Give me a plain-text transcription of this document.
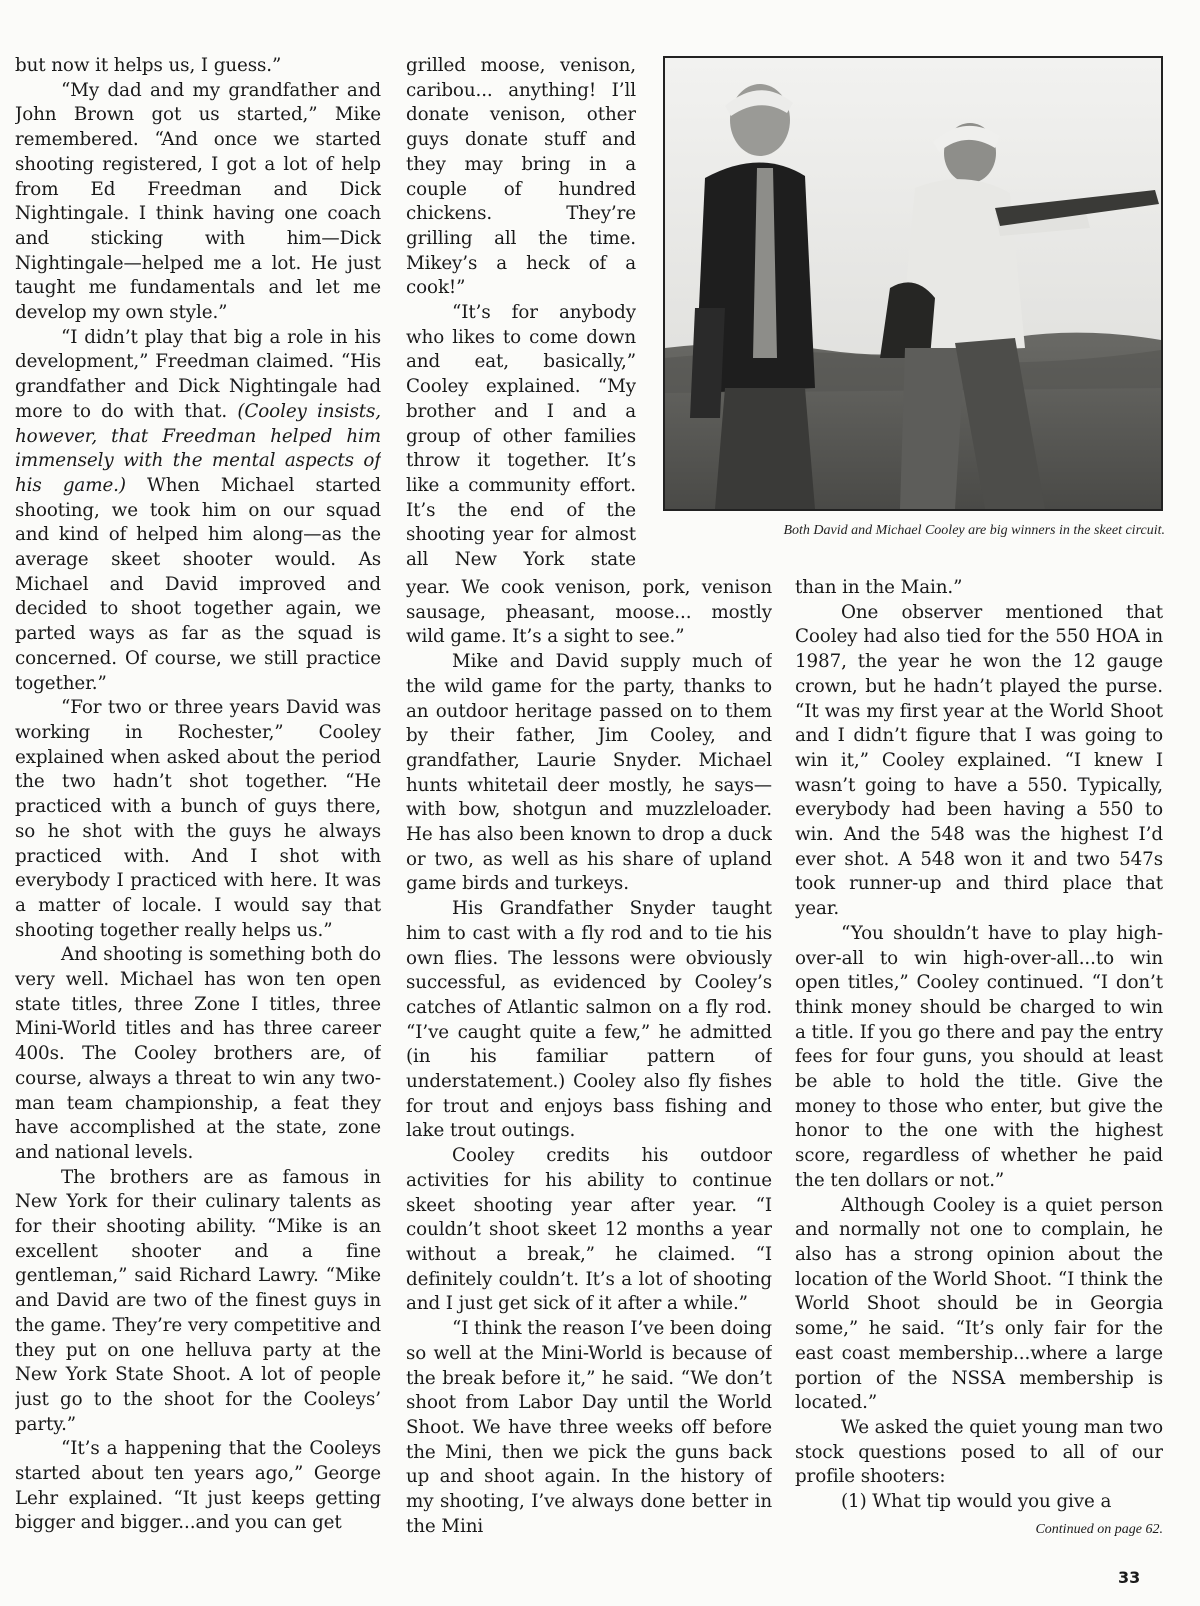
but now it helps us, I guess.”

“My dad and my grandfather and John Brown got us started,” Mike remembered. “And once we started shooting registered, I got a lot of help from Ed Freedman and Dick Nightingale. I think having one coach and sticking with him—Dick Nightingale—helped me a lot. He just taught me fundamentals and let me develop my own style.”

“I didn’t play that big a role in his development,” Freedman claimed. “His grandfather and Dick Nightingale had more to do with that. (Cooley insists, however, that Freedman helped him immensely with the mental aspects of his game.) When Michael started shooting, we took him on our squad and kind of helped him along—as the average skeet shooter would. As Michael and David improved and decided to shoot together again, we parted ways as far as the squad is concerned. Of course, we still practice together.”

“For two or three years David was working in Rochester,” Cooley explained when asked about the period the two hadn’t shot together. “He practiced with a bunch of guys there, so he shot with the guys he always practiced with. And I shot with everybody I practiced with here. It was a matter of locale. I would say that shooting together really helps us.”

And shooting is something both do very well. Michael has won ten open state titles, three Zone I titles, three Mini-World titles and has three career 400s. The Cooley brothers are, of course, always a threat to win any two-man team championship, a feat they have accomplished at the state, zone and national levels.

The brothers are as famous in New York for their culinary talents as for their shooting ability. “Mike is an excellent shooter and a fine gentleman,” said Richard Lawry. “Mike and David are two of the finest guys in the game. They’re very competitive and they put on one helluva party at the New York State Shoot. A lot of people just go to the shoot for the Cooleys’ party.”

“It’s a happening that the Cooleys started about ten years ago,” George Lehr explained. “It just keeps getting bigger and bigger...and you can get

grilled moose, venison, caribou... anything! I’ll donate venison, other guys donate stuff and they may bring in a couple of hundred chickens. They’re grilling all the time. Mikey’s a heck of a cook!”

“It’s for anybody who likes to come down and eat, basically,” Cooley explained. “My brother and I and a group of other families throw it together. It’s like a community effort. It’s the end of the shooting year for almost all New York state

year. We cook venison, pork, venison sausage, pheasant, moose... mostly wild game. It’s a sight to see.”

Mike and David supply much of the wild game for the party, thanks to an outdoor heritage passed on to them by their father, Jim Cooley, and grandfather, Laurie Snyder. Michael hunts whitetail deer mostly, he says—with bow, shotgun and muzzleloader. He has also been known to drop a duck or two, as well as his share of upland game birds and turkeys.

His Grandfather Snyder taught him to cast with a fly rod and to tie his own flies. The lessons were obviously successful, as evidenced by Cooley’s catches of Atlantic salmon on a fly rod. “I’ve caught quite a few,” he admitted (in his familiar pattern of understatement.) Cooley also fly fishes for trout and enjoys bass fishing and lake trout outings.

Cooley credits his outdoor activities for his ability to continue skeet shooting year after year. “I couldn’t shoot skeet 12 months a year without a break,” he claimed. “I definitely couldn’t. It’s a lot of shooting and I just get sick of it after a while.”

“I think the reason I’ve been doing so well at the Mini-World is because of the break before it,” he said. “We don’t shoot from Labor Day until the World Shoot. We have three weeks off before the Mini, then we pick the guns back up and shoot again. In the history of my shooting, I’ve always done better in the Mini

than in the Main.”

One observer mentioned that Cooley had also tied for the 550 HOA in 1987, the year he won the 12 gauge crown, but he hadn’t played the purse. “It was my first year at the World Shoot and I didn’t figure that I was going to win it,” Cooley explained. “I knew I wasn’t going to have a 550. Typically, everybody had been having a 550 to win. And the 548 was the highest I’d ever shot. A 548 won it and two 547s took runner-up and third place that year.

“You shouldn’t have to play high-over-all to win high-over-all...to win open titles,” Cooley continued. “I don’t think money should be charged to win a title. If you go there and pay the entry fees for four guns, you should at least be able to hold the title. Give the money to those who enter, but give the honor to the one with the highest score, regardless of whether he paid the ten dollars or not.”

Although Cooley is a quiet person and normally not one to complain, he also has a strong opinion about the location of the World Shoot. “I think the World Shoot should be in Georgia some,” he said. “It’s only fair for the east coast membership...where a large portion of the NSSA membership is located.”

We asked the quiet young man two stock questions posed to all of our profile shooters:

(1) What tip would you give a

Both David and Michael Cooley are big winners in the skeet circuit.
Continued on page 62.
33
